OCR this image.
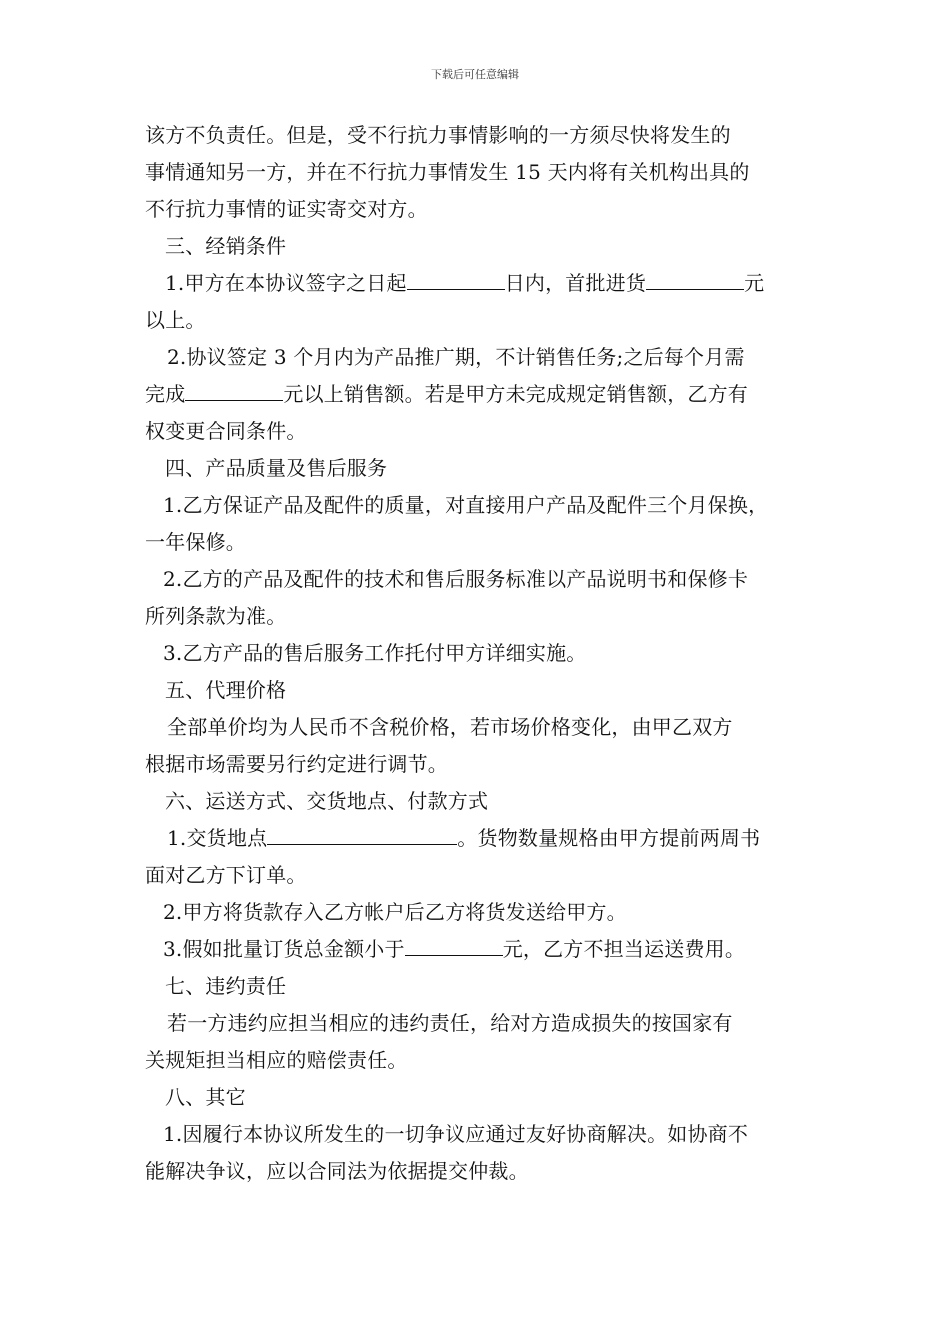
下载后可任意编辑
该方不负责任。但是，受不行抗力事情影响的一方须尽快将发生的
事情通知另一方，并在不行抗力事情发生 15 天内将有关机构出具的
不行抗力事情的证实寄交对方。
三、经销条件
1.甲方在本协议签字之日起	日内，首批进货	元
以上。
2.协议签定 3 个月内为产品推广期，不计销售任务;之后每个月需
完成	元以上销售额。若是甲方未完成规定销售额，乙方有
权变更合同条件。
四、产品质量及售后服务
1.乙方保证产品及配件的质量，对直接用户产品及配件三个月保换，
一年保修。
2.乙方的产品及配件的技术和售后服务标准以产品说明书和保修卡
所列条款为准。
3.乙方产品的售后服务工作托付甲方详细实施。
五、代理价格
全部单价均为人民币不含税价格，若市场价格变化，由甲乙双方
根据市场需要另行约定进行调节。
六、运送方式、交货地点、付款方式
1.交货地点	。货物数量规格由甲方提前两周书
面对乙方下订单。
2.甲方将货款存入乙方帐户后乙方将货发送给甲方。
3.假如批量订货总金额小于	元，乙方不担当运送费用。
七、违约责任
若一方违约应担当相应的违约责任，给对方造成损失的按国家有
关规矩担当相应的赔偿责任。
八、其它
1.因履行本协议所发生的一切争议应通过友好协商解决。如协商不
能解决争议，应以合同法为依据提交仲裁。
